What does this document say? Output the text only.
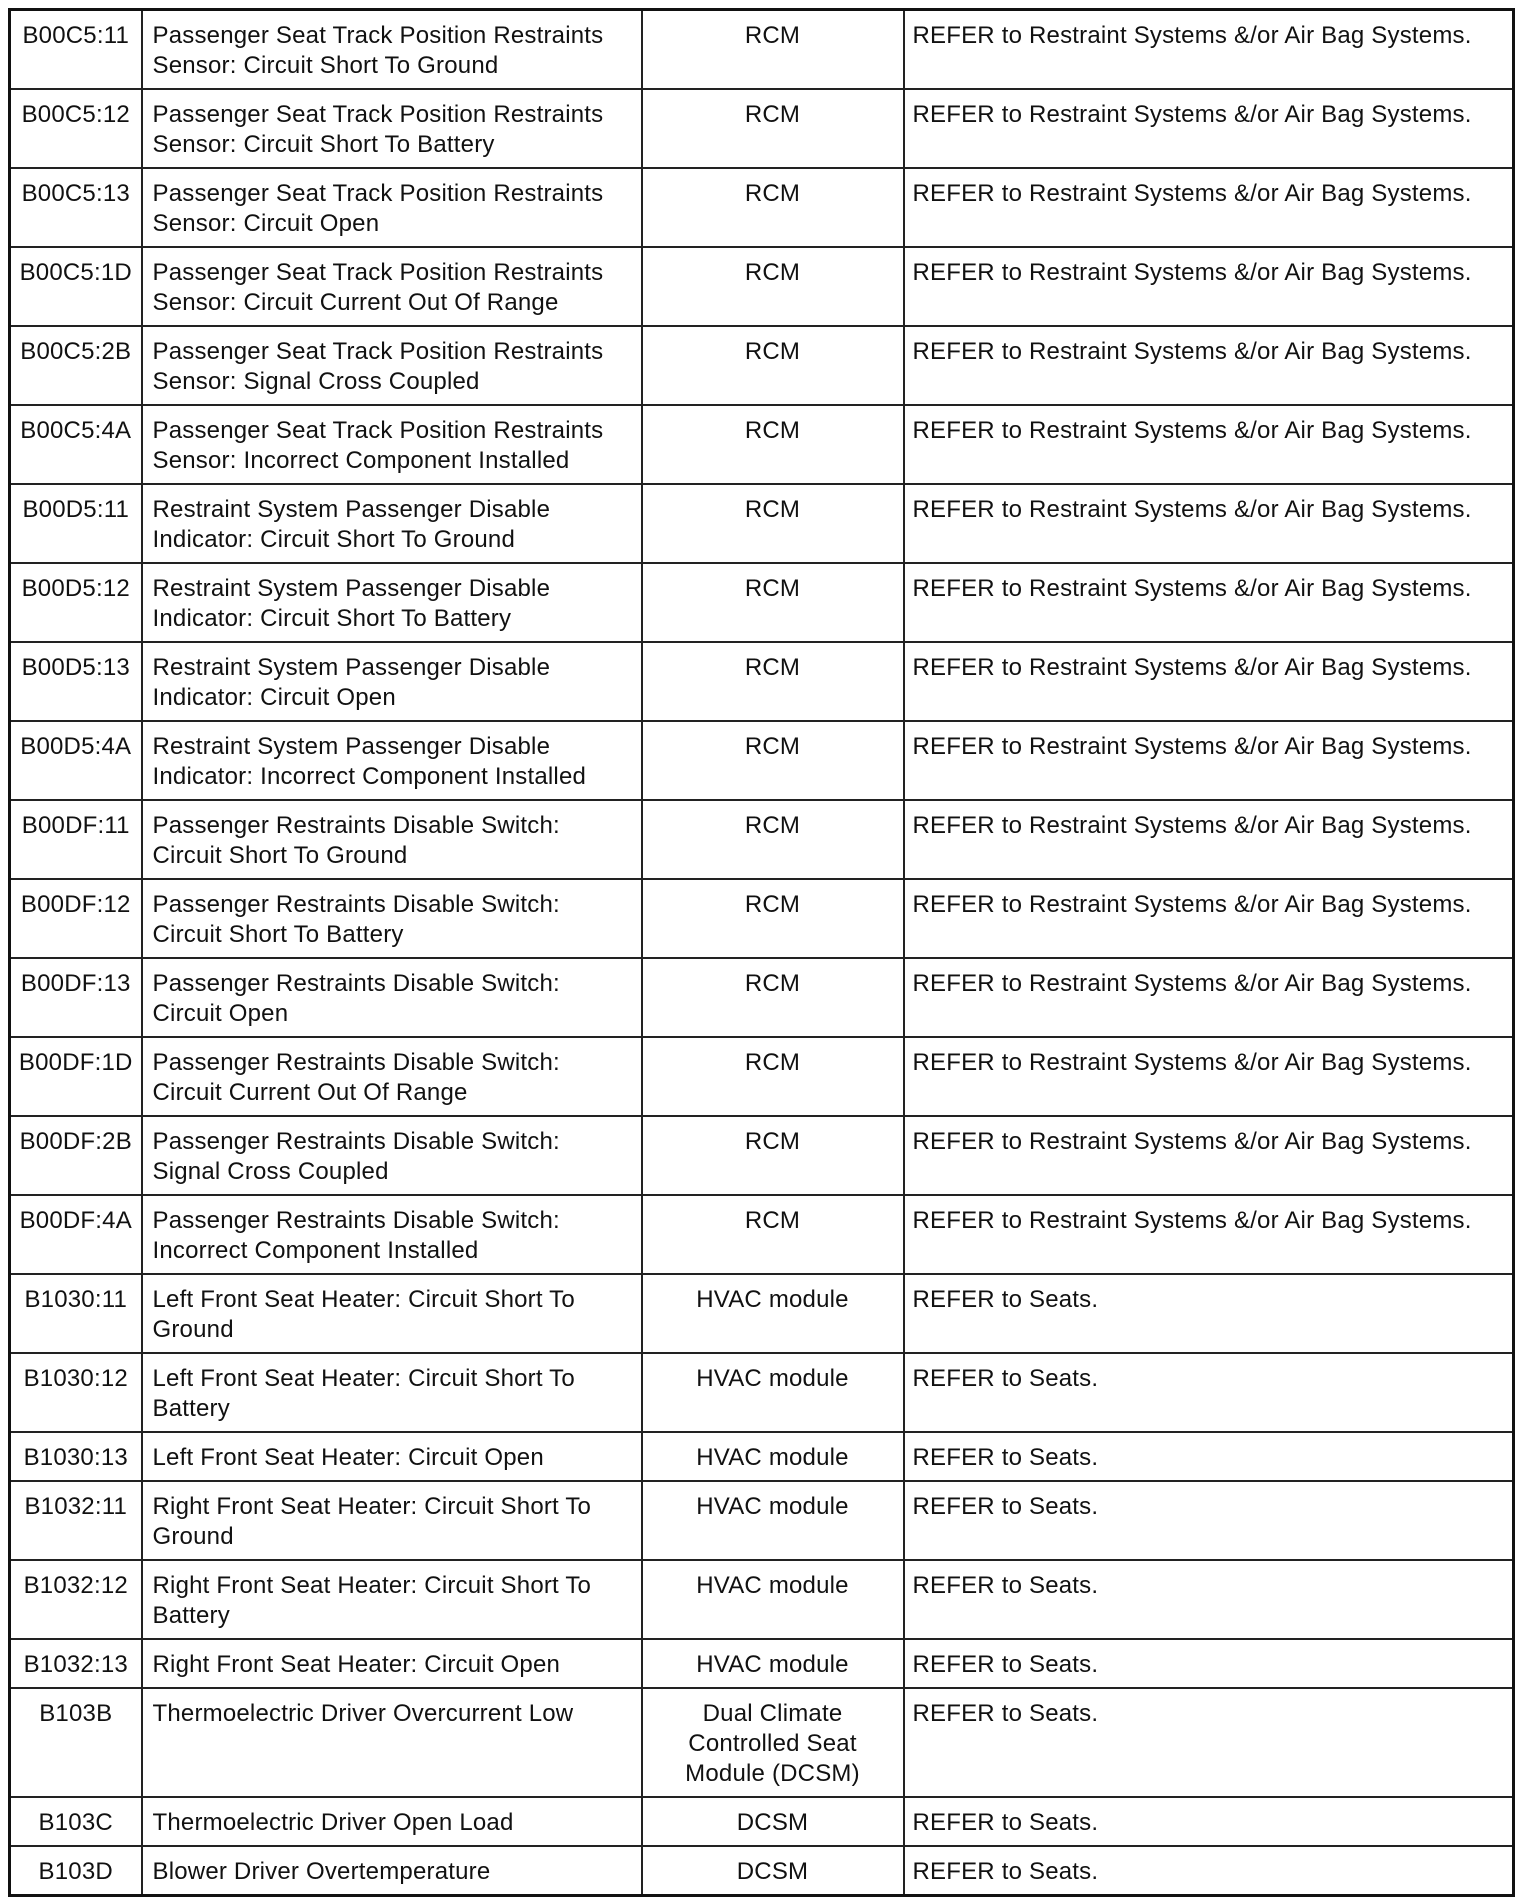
B00C5:11	Passenger Seat Track Position Restraints Sensor: Circuit Short To Ground	RCM	REFER to Restraint Systems &/or Air Bag Systems.
B00C5:12	Passenger Seat Track Position Restraints Sensor: Circuit Short To Battery	RCM	REFER to Restraint Systems &/or Air Bag Systems.
B00C5:13	Passenger Seat Track Position Restraints Sensor: Circuit Open	RCM	REFER to Restraint Systems &/or Air Bag Systems.
B00C5:1D	Passenger Seat Track Position Restraints Sensor: Circuit Current Out Of Range	RCM	REFER to Restraint Systems &/or Air Bag Systems.
B00C5:2B	Passenger Seat Track Position Restraints Sensor: Signal Cross Coupled	RCM	REFER to Restraint Systems &/or Air Bag Systems.
B00C5:4A	Passenger Seat Track Position Restraints Sensor: Incorrect Component Installed	RCM	REFER to Restraint Systems &/or Air Bag Systems.
B00D5:11	Restraint System Passenger Disable Indicator: Circuit Short To Ground	RCM	REFER to Restraint Systems &/or Air Bag Systems.
B00D5:12	Restraint System Passenger Disable Indicator: Circuit Short To Battery	RCM	REFER to Restraint Systems &/or Air Bag Systems.
B00D5:13	Restraint System Passenger Disable Indicator: Circuit Open	RCM	REFER to Restraint Systems &/or Air Bag Systems.
B00D5:4A	Restraint System Passenger Disable Indicator: Incorrect Component Installed	RCM	REFER to Restraint Systems &/or Air Bag Systems.
B00DF:11	Passenger Restraints Disable Switch: Circuit Short To Ground	RCM	REFER to Restraint Systems &/or Air Bag Systems.
B00DF:12	Passenger Restraints Disable Switch: Circuit Short To Battery	RCM	REFER to Restraint Systems &/or Air Bag Systems.
B00DF:13	Passenger Restraints Disable Switch: Circuit Open	RCM	REFER to Restraint Systems &/or Air Bag Systems.
B00DF:1D	Passenger Restraints Disable Switch: Circuit Current Out Of Range	RCM	REFER to Restraint Systems &/or Air Bag Systems.
B00DF:2B	Passenger Restraints Disable Switch: Signal Cross Coupled	RCM	REFER to Restraint Systems &/or Air Bag Systems.
B00DF:4A	Passenger Restraints Disable Switch: Incorrect Component Installed	RCM	REFER to Restraint Systems &/or Air Bag Systems.
B1030:11	Left Front Seat Heater: Circuit Short To Ground	HVAC module	REFER to Seats.
B1030:12	Left Front Seat Heater: Circuit Short To Battery	HVAC module	REFER to Seats.
B1030:13	Left Front Seat Heater: Circuit Open	HVAC module	REFER to Seats.
B1032:11	Right Front Seat Heater: Circuit Short To Ground	HVAC module	REFER to Seats.
B1032:12	Right Front Seat Heater: Circuit Short To Battery	HVAC module	REFER to Seats.
B1032:13	Right Front Seat Heater: Circuit Open	HVAC module	REFER to Seats.
B103B	Thermoelectric Driver Overcurrent Low	Dual Climate Controlled Seat Module (DCSM)	REFER to Seats.
B103C	Thermoelectric Driver Open Load	DCSM	REFER to Seats.
B103D	Blower Driver Overtemperature	DCSM	REFER to Seats.
